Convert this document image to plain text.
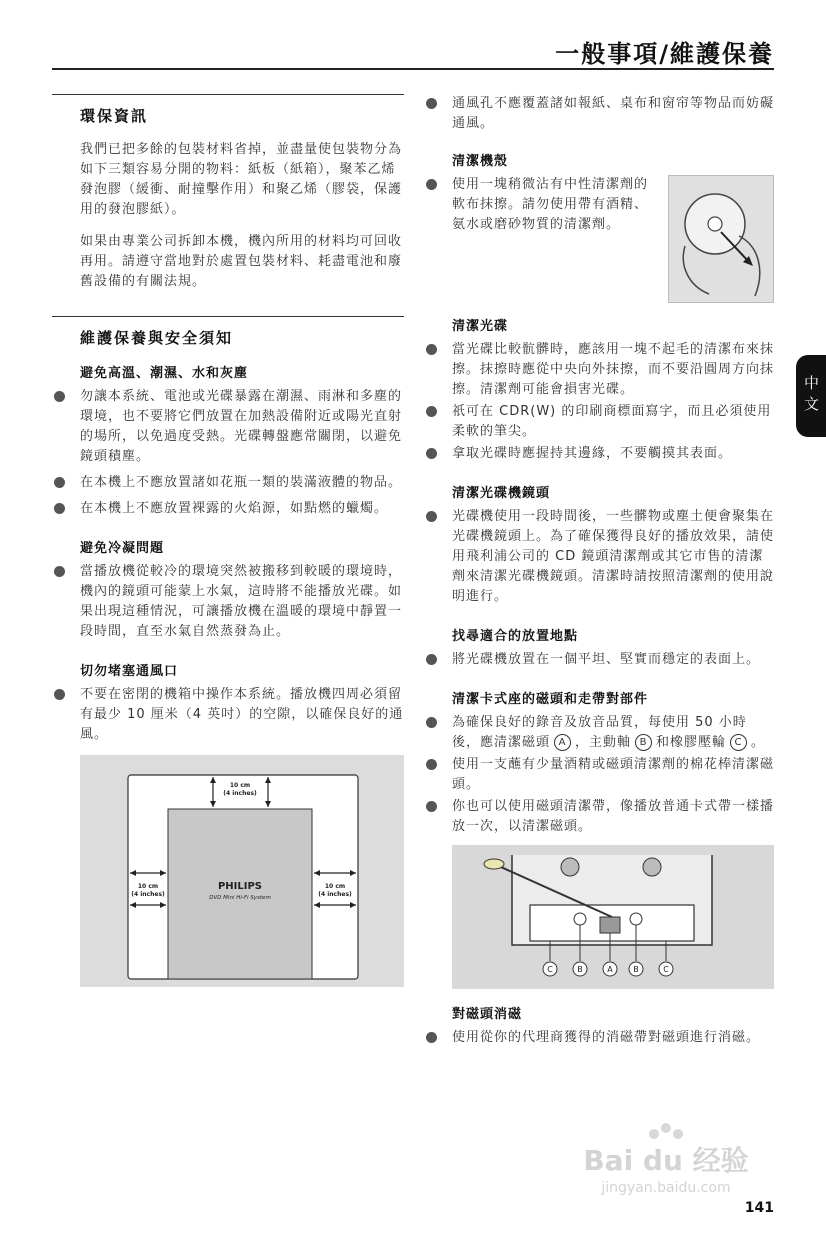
一般事項/維護保養
環保資訊

我們已把多餘的包裝材料省掉，並盡量使包裝物分為如下三類容易分開的物料：紙板（紙箱），聚苯乙烯發泡膠（緩衝、耐撞擊作用）和聚乙烯（膠袋，保護用的發泡膠紙）。

如果由專業公司拆卸本機，機內所用的材料均可回收再用。請遵守當地對於處置包裝材料、耗盡電池和廢舊設備的有關法規。

維護保養與安全須知
避免高溫、潮濕、水和灰塵
勿讓本系統、電池或光碟暴露在潮濕、雨淋和多塵的環境，也不要將它們放置在加熱設備附近或陽光直射的場所，以免過度受熱。光碟轉盤應常關閉，以避免鏡頭積塵。
在本機上不應放置諸如花瓶一類的裝滿液體的物品。
在本機上不應放置裸露的火焰源，如點燃的蠟燭。
避免冷凝問題
當播放機從較冷的環境突然被搬移到較暖的環境時，機內的鏡頭可能蒙上水氣，這時將不能播放光碟。如果出現這種情況，可讓播放機在溫暖的環境中靜置一段時間，直至水氣自然蒸發為止。
切勿堵塞通風口
不要在密閉的機箱中操作本系統。播放機四周必須留有最少 10 厘米（4 英吋）的空隙，以確保良好的通風。
10 cm
(4 inches)
10 cm
(4 inches)
10 cm
(4 inches)
PHILIPS
DVD Mini Hi-Fi System
通風孔不應覆蓋諸如報紙、桌布和窗帘等物品而妨礙通風。
清潔機殼
使用一塊稍微沾有中性清潔劑的軟布抹擦。請勿使用帶有酒精、氨水或磨砂物質的清潔劑。
清潔光碟
當光碟比較骯髒時，應該用一塊不起毛的清潔布來抹擦。抹擦時應從中央向外抹擦，而不要沿圓周方向抹擦。清潔劑可能會損害光碟。
祇可在 CDR(W) 的印刷商標面寫字，而且必須使用柔軟的筆尖。
拿取光碟時應握持其邊緣，不要觸摸其表面。
清潔光碟機鏡頭
光碟機使用一段時間後，一些髒物或塵土便會聚集在光碟機鏡頭上。為了確保獲得良好的播放效果，請使用飛利浦公司的 CD 鏡頭清潔劑或其它市售的清潔劑來清潔光碟機鏡頭。清潔時請按照清潔劑的使用說明進行。
找尋適合的放置地點
將光碟機放置在一個平坦、堅實而穩定的表面上。
清潔卡式座的磁頭和走帶對部件
為確保良好的錄音及放音品質，每使用 50 小時後，應清潔磁頭 A ，主動軸 B 和橡膠壓輪 C 。
使用一支蘸有少量酒精或磁頭清潔劑的棉花棒清潔磁頭。
你也可以使用磁頭清潔帶，像播放普通卡式帶一樣播放一次，以清潔磁頭。
C	B	A	B	C
對磁頭消磁
使用從你的代理商獲得的消磁帶對磁頭進行消磁。
中文
Bai du 经验
jingyan.baidu.com
141
